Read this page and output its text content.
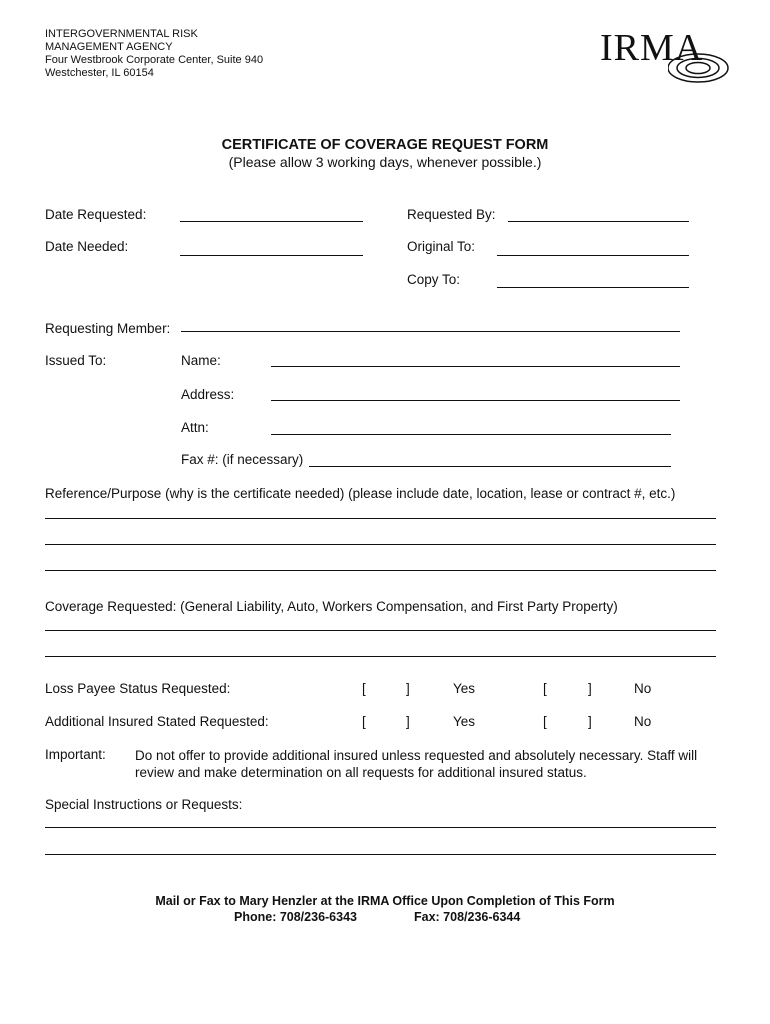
INTERGOVERNMENTAL RISK
MANAGEMENT AGENCY
Four Westbrook Corporate Center, Suite 940
Westchester, IL 60154
IRMA
CERTIFICATE OF COVERAGE REQUEST FORM
(Please allow 3 working days, whenever possible.)
Date Requested:	Requested By:
Date Needed:	Original To:
Copy To:
Requesting Member:
Issued To:	Name:
Address:
Attn:
Fax #: (if necessary)
Reference/Purpose (why is the certificate needed) (please include date, location, lease or contract #, etc.)
Coverage Requested: (General Liability, Auto, Workers Compensation, and First Party Property)
Loss Payee Status Requested:	[	]	Yes	[	]	No
Additional Insured Stated Requested:	[	]	Yes	[	]	No
Important: Do not offer to provide additional insured unless requested and absolutely necessary. Staff will review and make determination on all requests for additional insured status.
Special Instructions or Requests:
Mail or Fax to Mary Henzler at the IRMA Office Upon Completion of This Form
Phone: 708/236-6343	Fax: 708/236-6344
